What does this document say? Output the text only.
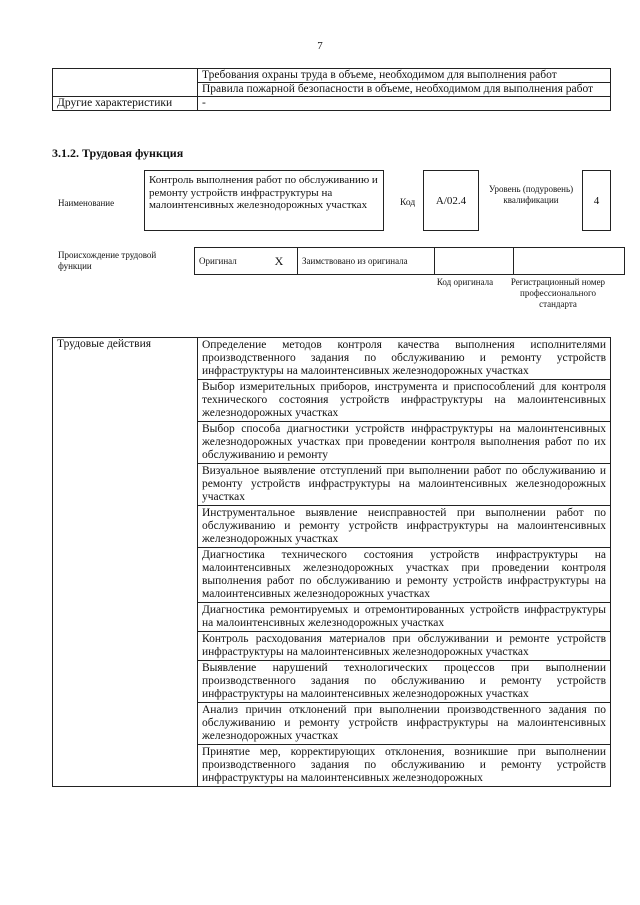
7
	Требования охраны труда в объеме, необходимом для выполнения работ
	Правила пожарной безопасности в объеме, необходимом для выполнения работ
Другие характеристики	-
3.1.2. Трудовая функция
Наименование
Контроль выполнения работ по обслуживанию и ремонту устройств инфраструктуры на малоинтенсивных железнодорожных участках	Код	А/02.4
Уровень (подуровень) квалификации	4
Происхождение трудовой функции	Оригинал	Х	Заимствовано из оригинала		
Код оригинала	Регистрационный номер профессионального стандарта
Трудовые действия	Определение методов контроля качества выполнения исполнителями производственного задания по обслуживанию и ремонту устройств инфраструктуры на малоинтенсивных железнодорожных участках
Выбор измерительных приборов, инструмента и приспособлений для контроля технического состояния устройств инфраструктуры на малоинтенсивных железнодорожных участках
Выбор способа диагностики устройств инфраструктуры на малоинтенсивных железнодорожных участках при проведении контроля выполнения работ по их обслуживанию и ремонту
Визуальное выявление отступлений при выполнении работ по обслуживанию и ремонту устройств инфраструктуры на малоинтенсивных железнодорожных участках
Инструментальное выявление неисправностей при выполнении работ по обслуживанию и ремонту устройств инфраструктуры на малоинтенсивных железнодорожных участках
Диагностика технического состояния устройств инфраструктуры на малоинтенсивных железнодорожных участках при проведении контроля выполнения работ по обслуживанию и ремонту устройств инфраструктуры на малоинтенсивных железнодорожных участках
Диагностика ремонтируемых и отремонтированных устройств инфраструктуры на малоинтенсивных железнодорожных участках
Контроль расходования материалов при обслуживании и ремонте устройств инфраструктуры на малоинтенсивных железнодорожных участках
Выявление нарушений технологических процессов при выполнении производственного задания по обслуживанию и ремонту устройств инфраструктуры на малоинтенсивных железнодорожных участках
Анализ причин отклонений при выполнении производственного задания по обслуживанию и ремонту устройств инфраструктуры на малоинтенсивных железнодорожных участках
Принятие мер, корректирующих отклонения, возникшие при выполнении производственного задания по обслуживанию и ремонту устройств инфраструктуры на малоинтенсивных железнодорожных
